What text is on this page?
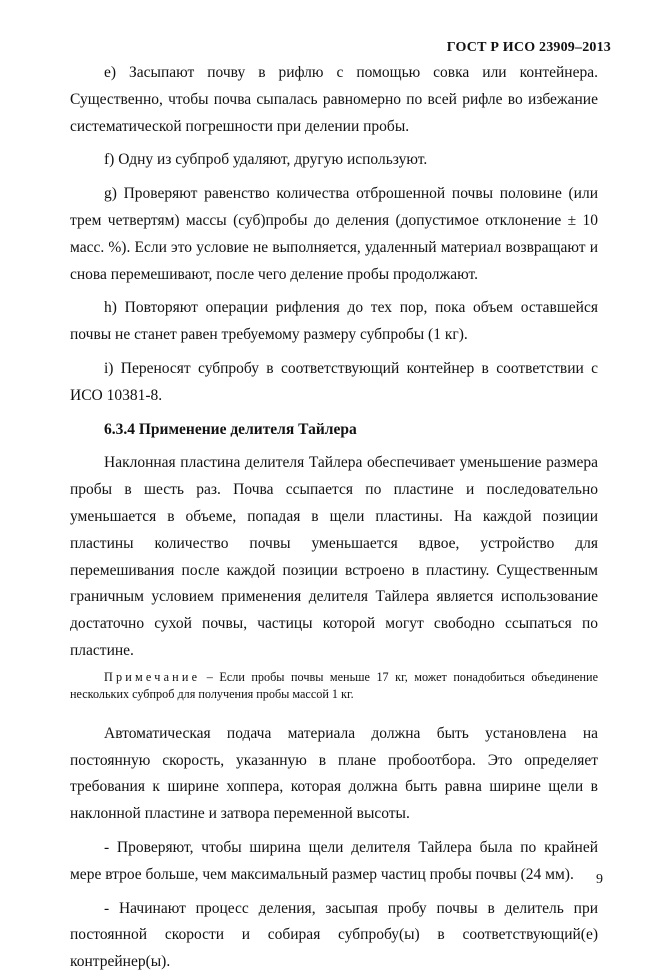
ГОСТ Р ИСО 23909–2013

e) Засыпают почву в рифлю с помощью совка или контейнера. Существенно, чтобы почва сыпалась равномерно по всей рифле во избежание систематической погрешности при делении пробы.

f) Одну из субпроб удаляют, другую используют.

g) Проверяют равенство количества отброшенной почвы половине (или трем четвертям) массы (суб)пробы до деления (допустимое отклонение ± 10 масс. %). Если это условие не выполняется, удаленный материал возвращают и снова перемешивают, после чего деление пробы продолжают.

h) Повторяют операции рифления до тех пор, пока объем оставшейся почвы не станет равен требуемому размеру субпробы (1 кг).

i) Переносят субпробу в соответствующий контейнер в соответствии с ИСО 10381-8.

6.3.4 Применение делителя Тайлера

Наклонная пластина делителя Тайлера обеспечивает уменьшение размера пробы в шесть раз. Почва ссыпается по пластине и последовательно уменьшается в объеме, попадая в щели пластины. На каждой позиции пластины количество почвы уменьшается вдвое, устройство для перемешивания после каждой позиции встроено в пластину. Существенным граничным условием применения делителя Тайлера является использование достаточно сухой почвы, частицы которой могут свободно ссыпаться по пластине.

Примечание – Если пробы почвы меньше 17 кг, может понадобиться объединение нескольких субпроб для получения пробы массой 1 кг.

Автоматическая подача материала должна быть установлена на постоянную скорость, указанную в плане пробоотбора. Это определяет требования к ширине хоппера, которая должна быть равна ширине щели в наклонной пластине и затвора переменной высоты.

- Проверяют, чтобы ширина щели делителя Тайлера была по крайней мере втрое больше, чем максимальный размер частиц пробы почвы (24 мм).

- Начинают процесс деления, засыпая пробу почвы в делитель при постоянной скорости и собирая субпробу(ы) в соответствующий(е) контрейнер(ы).

9
